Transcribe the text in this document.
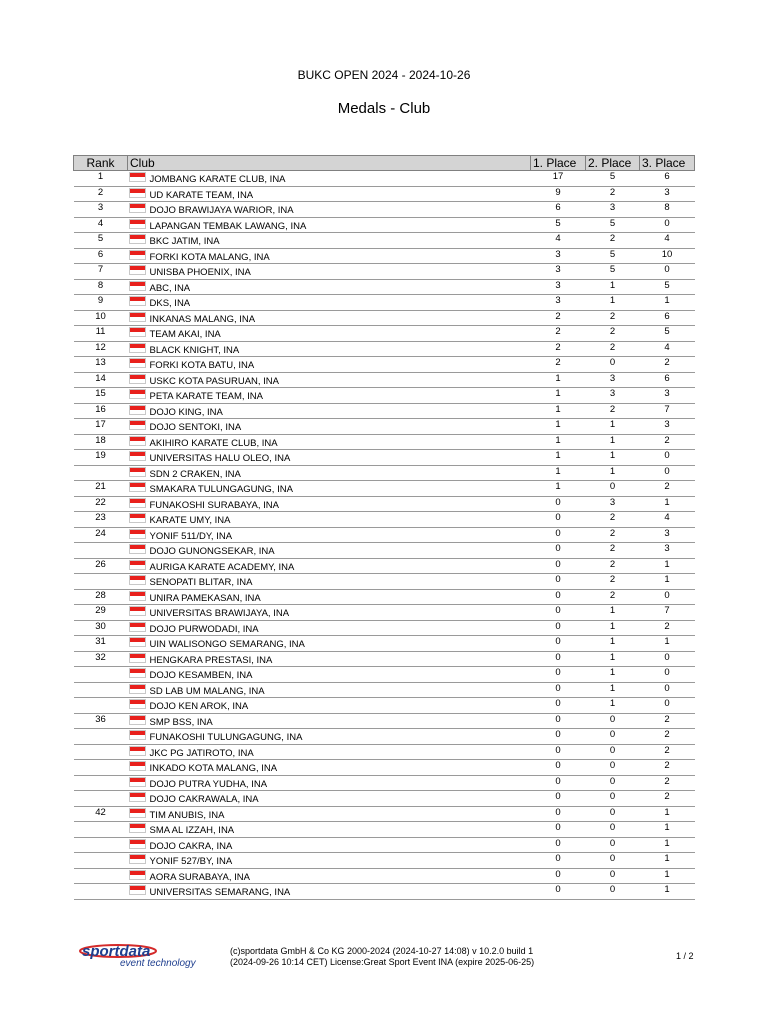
BUKC OPEN 2024 - 2024-10-26
Medals - Club
Rank	Club	1. Place	2. Place	3. Place
1	JOMBANG KARATE CLUB, INA	17	5	6
2	UD KARATE TEAM, INA	9	2	3
3	DOJO BRAWIJAYA WARIOR, INA	6	3	8
4	LAPANGAN TEMBAK LAWANG, INA	5	5	0
5	BKC JATIM, INA	4	2	4
6	FORKI KOTA MALANG, INA	3	5	10
7	UNISBA PHOENIX, INA	3	5	0
8	ABC, INA	3	1	5
9	DKS, INA	3	1	1
10	INKANAS MALANG, INA	2	2	6
11	TEAM AKAI, INA	2	2	5
12	BLACK KNIGHT, INA	2	2	4
13	FORKI KOTA BATU, INA	2	0	2
14	USKC KOTA PASURUAN, INA	1	3	6
15	PETA KARATE TEAM, INA	1	3	3
16	DOJO KING, INA	1	2	7
17	DOJO SENTOKI, INA	1	1	3
18	AKIHIRO KARATE CLUB, INA	1	1	2
19	UNIVERSITAS HALU OLEO, INA	1	1	0
	SDN 2 CRAKEN, INA	1	1	0
21	SMAKARA TULUNGAGUNG, INA	1	0	2
22	FUNAKOSHI SURABAYA, INA	0	3	1
23	KARATE UMY, INA	0	2	4
24	YONIF 511/DY, INA	0	2	3
	DOJO GUNONGSEKAR, INA	0	2	3
26	AURIGA KARATE ACADEMY, INA	0	2	1
	SENOPATI BLITAR, INA	0	2	1
28	UNIRA PAMEKASAN, INA	0	2	0
29	UNIVERSITAS BRAWIJAYA, INA	0	1	7
30	DOJO PURWODADI, INA	0	1	2
31	UIN WALISONGO SEMARANG, INA	0	1	1
32	HENGKARA PRESTASI, INA	0	1	0
	DOJO KESAMBEN, INA	0	1	0
	SD LAB UM MALANG, INA	0	1	0
	DOJO KEN AROK, INA	0	1	0
36	SMP BSS, INA	0	0	2
	FUNAKOSHI TULUNGAGUNG, INA	0	0	2
	JKC PG JATIROTO, INA	0	0	2
	INKADO KOTA MALANG, INA	0	0	2
	DOJO PUTRA YUDHA, INA	0	0	2
	DOJO CAKRAWALA, INA	0	0	2
42	TIM ANUBIS, INA	0	0	1
	SMA AL IZZAH, INA	0	0	1
	DOJO CAKRA, INA	0	0	1
	YONIF 527/BY, INA	0	0	1
	AORA SURABAYA, INA	0	0	1
	UNIVERSITAS SEMARANG, INA	0	0	1
sportdata
event technology
(c)sportdata GmbH & Co KG 2000-2024 (2024-10-27 14:08) v 10.2.0 build 1
(2024-09-26 10:14 CET) License:Great Sport Event INA (expire 2025-06-25)
1 / 2
